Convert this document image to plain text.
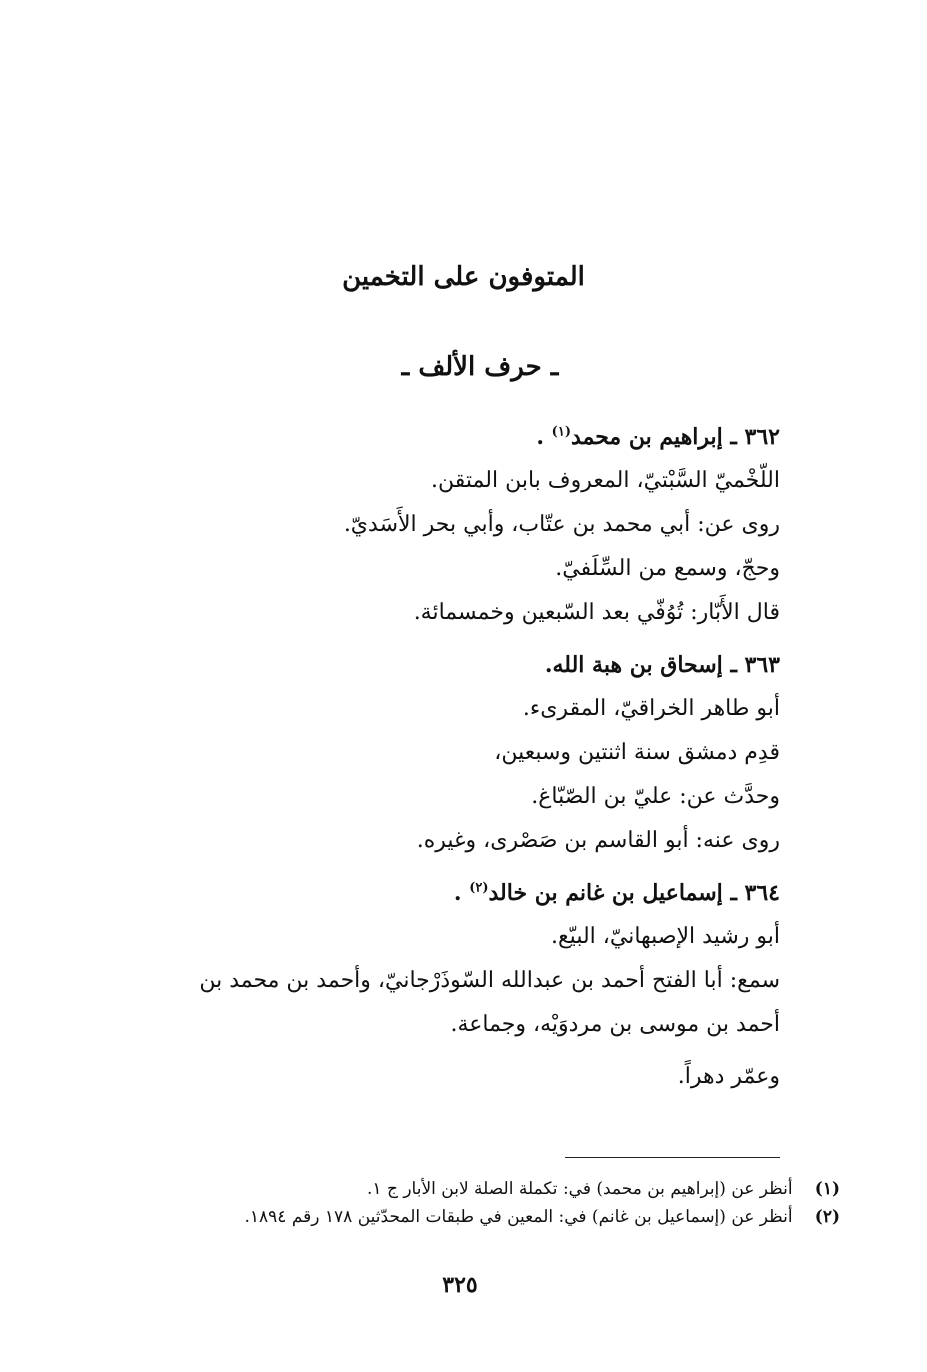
المتوفون على التخمين
ـ حرف الألف ـ
٣٦٢ ـ إبراهيم بن محمد$^{(١)}$ .
اللّخْميّ السَّبْتيّ، المعروف بابن المتقن.
روى عن: أبي محمد بن عتّاب، وأبي بحر الأَسَديّ.
وحجّ، وسمع من السِّلَفيّ.
قال الأَبّار: تُوُفّي بعد السّبعين وخمسمائة.
٣٦٣ ـ إسحاق بن هبة الله.
أبو طاهر الخراقيّ، المقرىء.
قدِم دمشق سنة اثنتين وسبعين،
وحدَّث عن: عليّ بن الصّبّاغ.
روى عنه: أبو القاسم بن صَصْرى، وغيره.
٣٦٤ ـ إسماعيل بن غانم بن خالد$^{(٢)}$ .
أبو رشيد الإصبهانيّ، البيّع.
سمع: أبا الفتح أحمد بن عبدالله السّوذَرْجانيّ، وأحمد بن محمد بن
أحمد بن موسى بن مردوَيْه، وجماعة.
وعمّر دهراً.
(١) أنظر عن (إبراهيم بن محمد) في: تكملة الصلة لابن الأبار ج ١.
(٢) أنظر عن (إسماعيل بن غانم) في: المعين في طبقات المحدّثين ١٧٨ رقم ١٨٩٤.
٣٢٥
